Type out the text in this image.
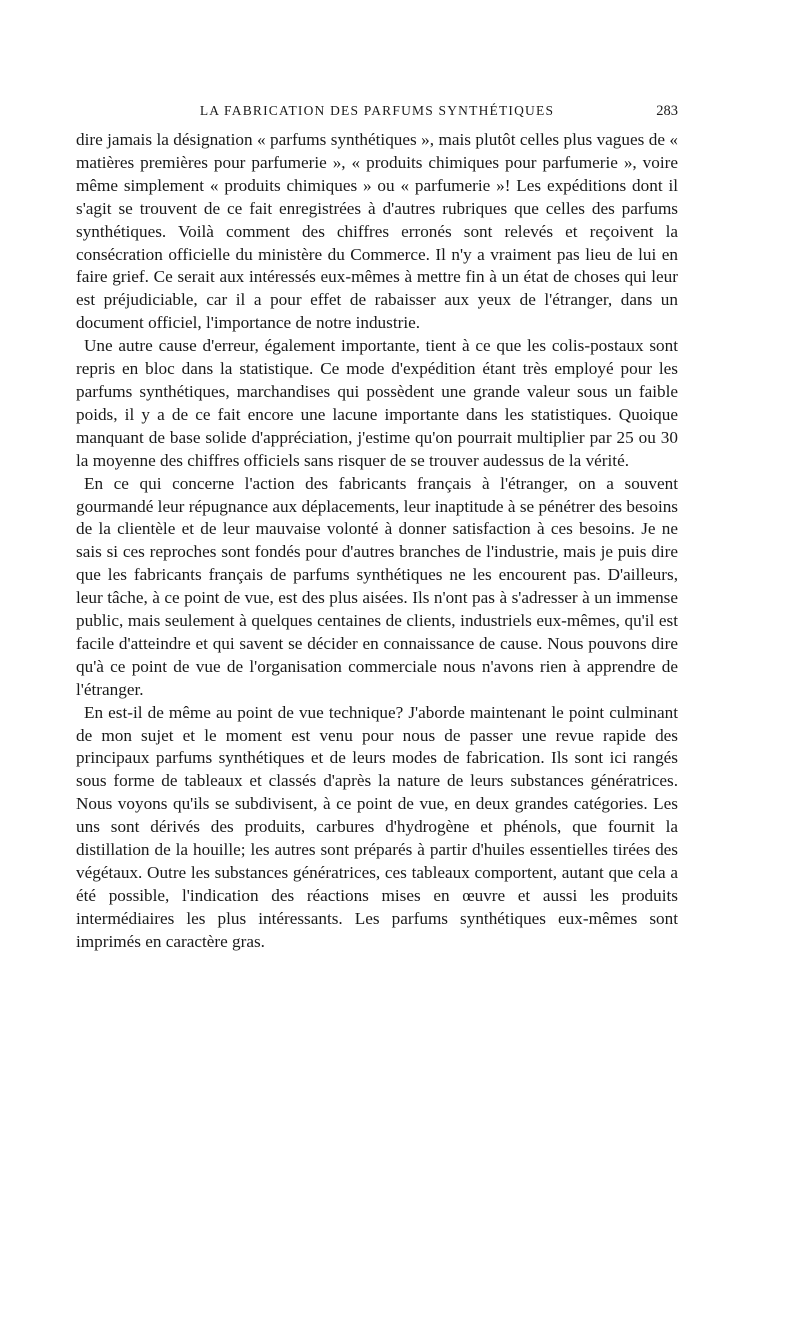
LA FABRICATION DES PARFUMS SYNTHÉTIQUES	283

dire jamais la désignation « parfums synthétiques », mais plutôt celles plus vagues de « matières premières pour parfumerie », « produits chimiques pour parfumerie », voire même simplement « produits chimiques » ou « parfumerie »! Les expéditions dont il s'agit se trouvent de ce fait enregistrées à d'autres rubriques que celles des parfums synthétiques. Voilà comment des chiffres erronés sont relevés et reçoivent la consécration officielle du ministère du Commerce. Il n'y a vraiment pas lieu de lui en faire grief. Ce serait aux intéressés eux-mêmes à mettre fin à un état de choses qui leur est préjudiciable, car il a pour effet de rabaisser aux yeux de l'étranger, dans un document officiel, l'importance de notre industrie.

Une autre cause d'erreur, également importante, tient à ce que les colis-postaux sont repris en bloc dans la statistique. Ce mode d'expédition étant très employé pour les parfums synthétiques, marchandises qui possèdent une grande valeur sous un faible poids, il y a de ce fait encore une lacune importante dans les statistiques. Quoique manquant de base solide d'appréciation, j'estime qu'on pourrait multiplier par 25 ou 30 la moyenne des chiffres officiels sans risquer de se trouver audessus de la vérité.

En ce qui concerne l'action des fabricants français à l'étranger, on a souvent gourmandé leur répugnance aux déplacements, leur inaptitude à se pénétrer des besoins de la clientèle et de leur mauvaise volonté à donner satisfaction à ces besoins. Je ne sais si ces reproches sont fondés pour d'autres branches de l'industrie, mais je puis dire que les fabricants français de parfums synthétiques ne les encourent pas. D'ailleurs, leur tâche, à ce point de vue, est des plus aisées. Ils n'ont pas à s'adresser à un immense public, mais seulement à quelques centaines de clients, industriels eux-mêmes, qu'il est facile d'atteindre et qui savent se décider en connaissance de cause. Nous pouvons dire qu'à ce point de vue de l'organisation commerciale nous n'avons rien à apprendre de l'étranger.

En est-il de même au point de vue technique? J'aborde maintenant le point culminant de mon sujet et le moment est venu pour nous de passer une revue rapide des principaux parfums synthétiques et de leurs modes de fabrication. Ils sont ici rangés sous forme de tableaux et classés d'après la nature de leurs substances génératrices. Nous voyons qu'ils se subdivisent, à ce point de vue, en deux grandes catégories. Les uns sont dérivés des produits, carbures d'hydrogène et phénols, que fournit la distillation de la houille; les autres sont préparés à partir d'huiles essentielles tirées des végétaux. Outre les substances génératrices, ces tableaux comportent, autant que cela a été possible, l'indication des réactions mises en œuvre et aussi les produits intermédiaires les plus intéressants. Les parfums synthétiques eux-mêmes sont imprimés en caractère gras.
